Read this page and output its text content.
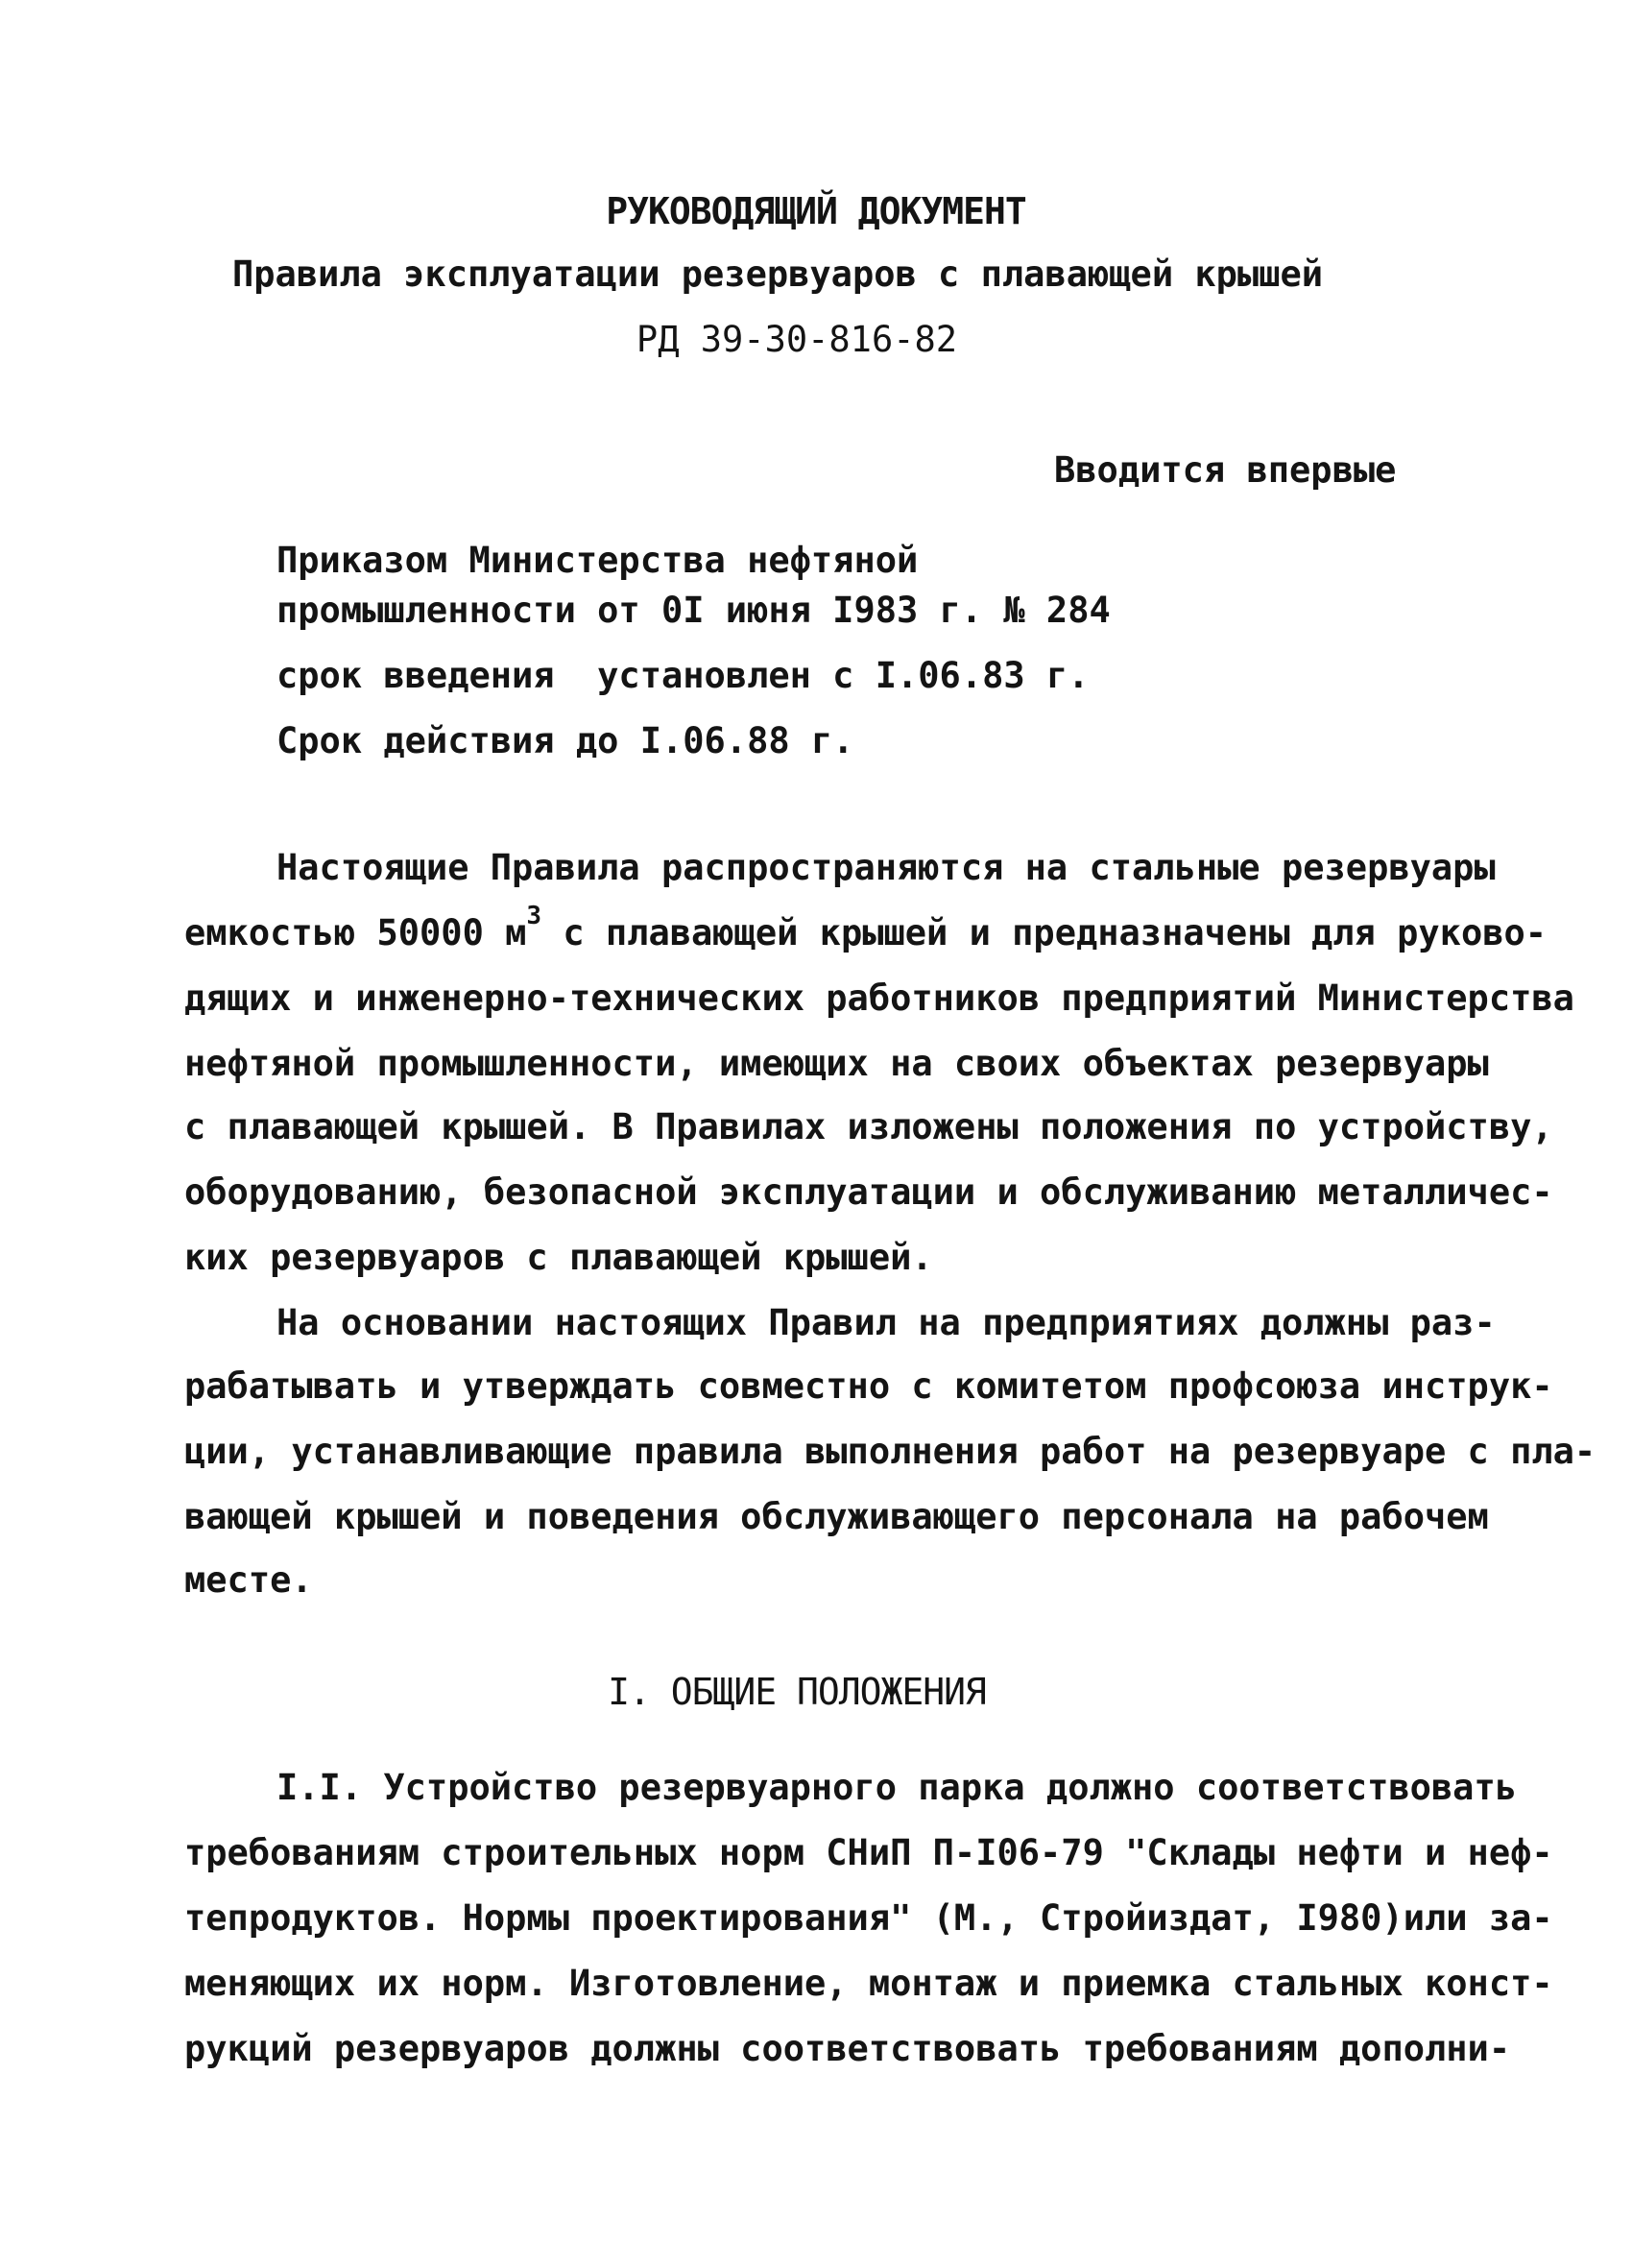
РУКОВОДЯЩИЙ ДОКУМЕНТ
Правила эксплуатации резервуаров с плавающей крышей
РД 39-30-816-82
Вводится впервые
Приказом Министерства нефтяной
промышленности от 0I июня I983 г. № 284
срок введения  установлен с I.06.83 г.
Срок действия до I.06.88 г.
Настоящие Правила распространяются на стальные резервуары
емкостью 50000 $м^3$ с плавающей крышей и предназначены для руково-
дящих и инженерно-технических работников предприятий Министерства
нефтяной промышленности, имеющих на своих объектах резервуары
с плавающей крышей. В Правилах изложены положения по устройству,
оборудованию, безопасной эксплуатации и обслуживанию металличес-
ких резервуаров с плавающей крышей.
На основании настоящих Правил на предприятиях должны раз-
рабатывать и утверждать совместно с комитетом профсоюза инструк-
ции, устанавливающие правила выполнения работ на резервуаре с пла-
вающей крышей и поведения обслуживающего персонала на рабочем
месте.
I. ОБЩИЕ ПОЛОЖЕНИЯ
I.I. Устройство резервуарного парка должно соответствовать
требованиям строительных норм СНиП П-I06-79 "Склады нефти и неф-
тепродуктов. Нормы проектирования" (М., Стройиздат, I980)или за-
меняющих их норм. Изготовление, монтаж и приемка стальных конст-
рукций резервуаров должны соответствовать требованиям дополни-
